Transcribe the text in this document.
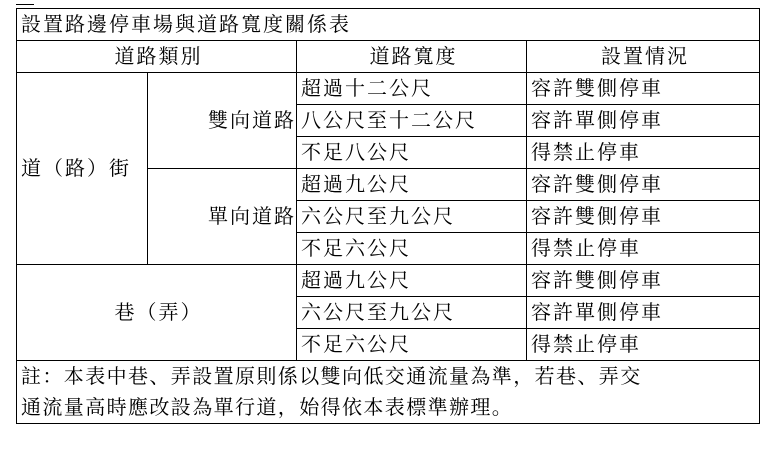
設置路邊停車場與道路寬度關係表			
道路類別		道路寬度	設置情況
道（路）街	雙向道路	超過十二公尺	容許雙側停車
		八公尺至十二公尺	容許單側停車
		不足八公尺	得禁止停車
	單向道路	超過九公尺	容許雙側停車
		六公尺至九公尺	容許雙側停車
		不足六公尺	得禁止停車
巷（弄）		超過九公尺	容許雙側停車
		六公尺至九公尺	容許單側停車
		不足六公尺	得禁止停車

註：本表中巷、弄設置原則係以雙向低交通流量為準，若巷、弄交
通流量高時應改設為單行道，始得依本表標準辦理。			
